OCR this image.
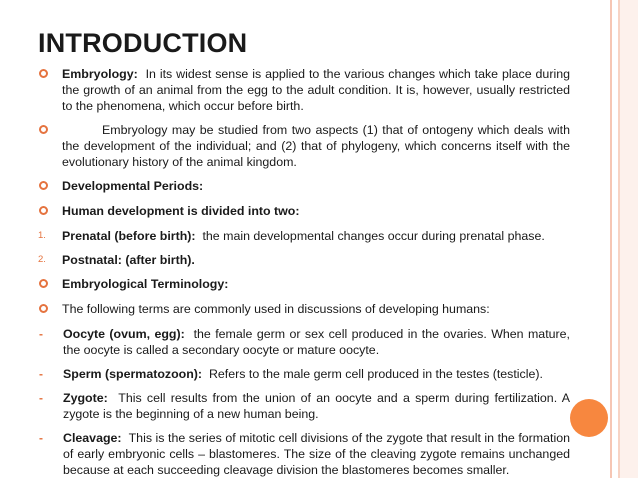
INTRODUCTION
Embryology: In its widest sense is applied to the various changes which take place during the growth of an animal from the egg to the adult condition. It is, however, usually restricted to the phenomena, which occur before birth.
Embryology may be studied from two aspects (1) that of ontogeny which deals with the development of the individual; and (2) that of phylogeny, which concerns itself with the evolutionary history of the animal kingdom.
Developmental Periods:
Human development is divided into two:
1.	Prenatal (before birth): the main developmental changes occur during prenatal phase.
2.	Postnatal: (after birth).
Embryological Terminology:
The following terms are commonly used in discussions of developing humans:
-	Oocyte (ovum, egg): the female germ or sex cell produced in the ovaries. When mature, the oocyte is called a secondary oocyte or mature oocyte.
-	Sperm (spermatozoon): Refers to the male germ cell produced in the testes (testicle).
-	Zygote: This cell results from the union of an oocyte and a sperm during fertilization. A zygote is the beginning of a new human being.
-	Cleavage: This is the series of mitotic cell divisions of the zygote that result in the formation of early embryonic cells – blastomeres. The size of the cleaving zygote remains unchanged because at each succeeding cleavage division the blastomeres becomes smaller.
